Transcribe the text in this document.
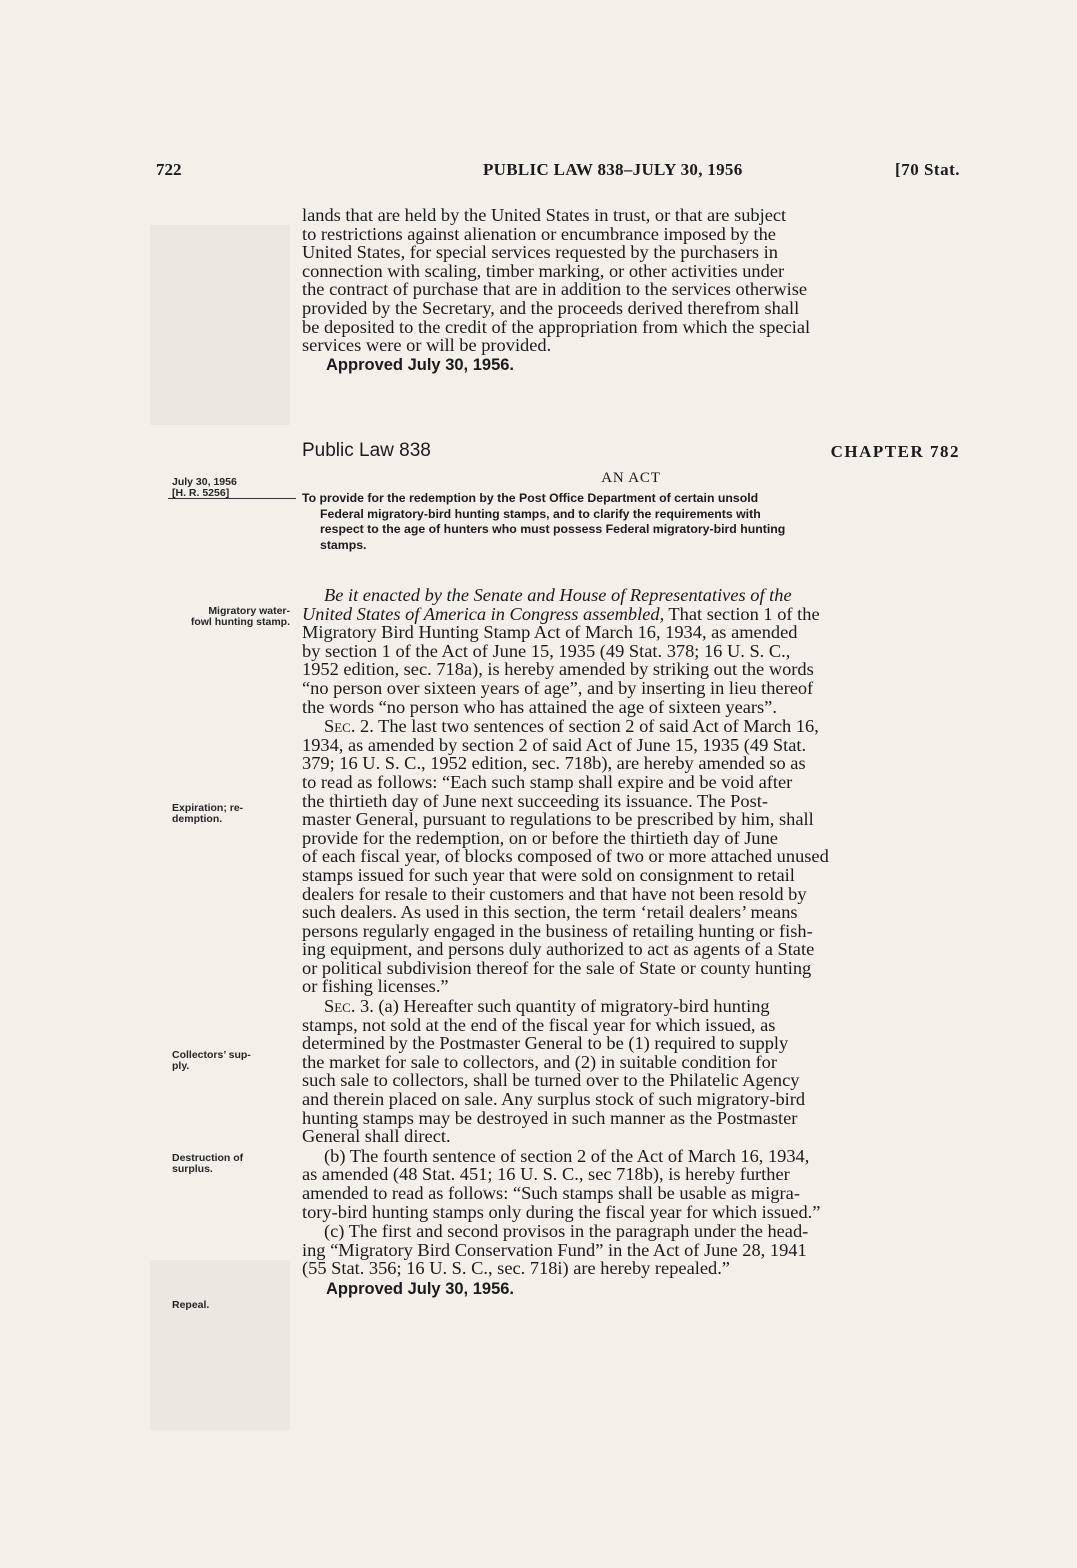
722	PUBLIC LAW 838–JULY 30, 1956	[70 Stat.

lands that are held by the United States in trust, or that are subject
to restrictions against alienation or encumbrance imposed by the
United States, for special services requested by the purchasers in
connection with scaling, timber marking, or other activities under
the contract of purchase that are in addition to the services otherwise
provided by the Secretary, and the proceeds derived therefrom shall
be deposited to the credit of the appropriation from which the special
services were or will be provided.

Approved July 30, 1956.
Public Law 838	CHAPTER 782
July 30, 1956
[H. R. 5256]
AN ACT
To provide for the redemption by the Post Office Department of certain unsold
Federal migratory-bird hunting stamps, and to clarify the requirements with
respect to the age of hunters who must possess Federal migratory-bird hunting
stamps.

Be it enacted by the Senate and House of Representatives of the
United States of America in Congress assembled, That section 1 of the
Migratory Bird Hunting Stamp Act of March 16, 1934, as amended
by section 1 of the Act of June 15, 1935 (49 Stat. 378; 16 U. S. C.,
1952 edition, sec. 718a), is hereby amended by striking out the words
“no person over sixteen years of age”, and by inserting in lieu thereof
the words “no person who has attained the age of sixteen years”.

Sec. 2. The last two sentences of section 2 of said Act of March 16,
1934, as amended by section 2 of said Act of June 15, 1935 (49 Stat.
379; 16 U. S. C., 1952 edition, sec. 718b), are hereby amended so as
to read as follows: “Each such stamp shall expire and be void after
the thirtieth day of June next succeeding its issuance. The Post-
master General, pursuant to regulations to be prescribed by him, shall
provide for the redemption, on or before the thirtieth day of June
of each fiscal year, of blocks composed of two or more attached unused
stamps issued for such year that were sold on consignment to retail
dealers for resale to their customers and that have not been resold by
such dealers. As used in this section, the term ‘retail dealers’ means
persons regularly engaged in the business of retailing hunting or fish-
ing equipment, and persons duly authorized to act as agents of a State
or political subdivision thereof for the sale of State or county hunting
or fishing licenses.”

Sec. 3. (a) Hereafter such quantity of migratory-bird hunting
stamps, not sold at the end of the fiscal year for which issued, as
determined by the Postmaster General to be (1) required to supply
the market for sale to collectors, and (2) in suitable condition for
such sale to collectors, shall be turned over to the Philatelic Agency
and therein placed on sale. Any surplus stock of such migratory-bird
hunting stamps may be destroyed in such manner as the Postmaster
General shall direct.

(b) The fourth sentence of section 2 of the Act of March 16, 1934,
as amended (48 Stat. 451; 16 U. S. C., sec 718b), is hereby further
amended to read as follows: “Such stamps shall be usable as migra-
tory-bird hunting stamps only during the fiscal year for which issued.”

(c) The first and second provisos in the paragraph under the head-
ing “Migratory Bird Conservation Fund” in the Act of June 28, 1941
(55 Stat. 356; 16 U. S. C., sec. 718i) are hereby repealed.”

Approved July 30, 1956.
Migratory water-
fowl hunting stamp.
Expiration; re-
demption.
Collectors’ sup-
ply.
Destruction of
surplus.
Repeal.
